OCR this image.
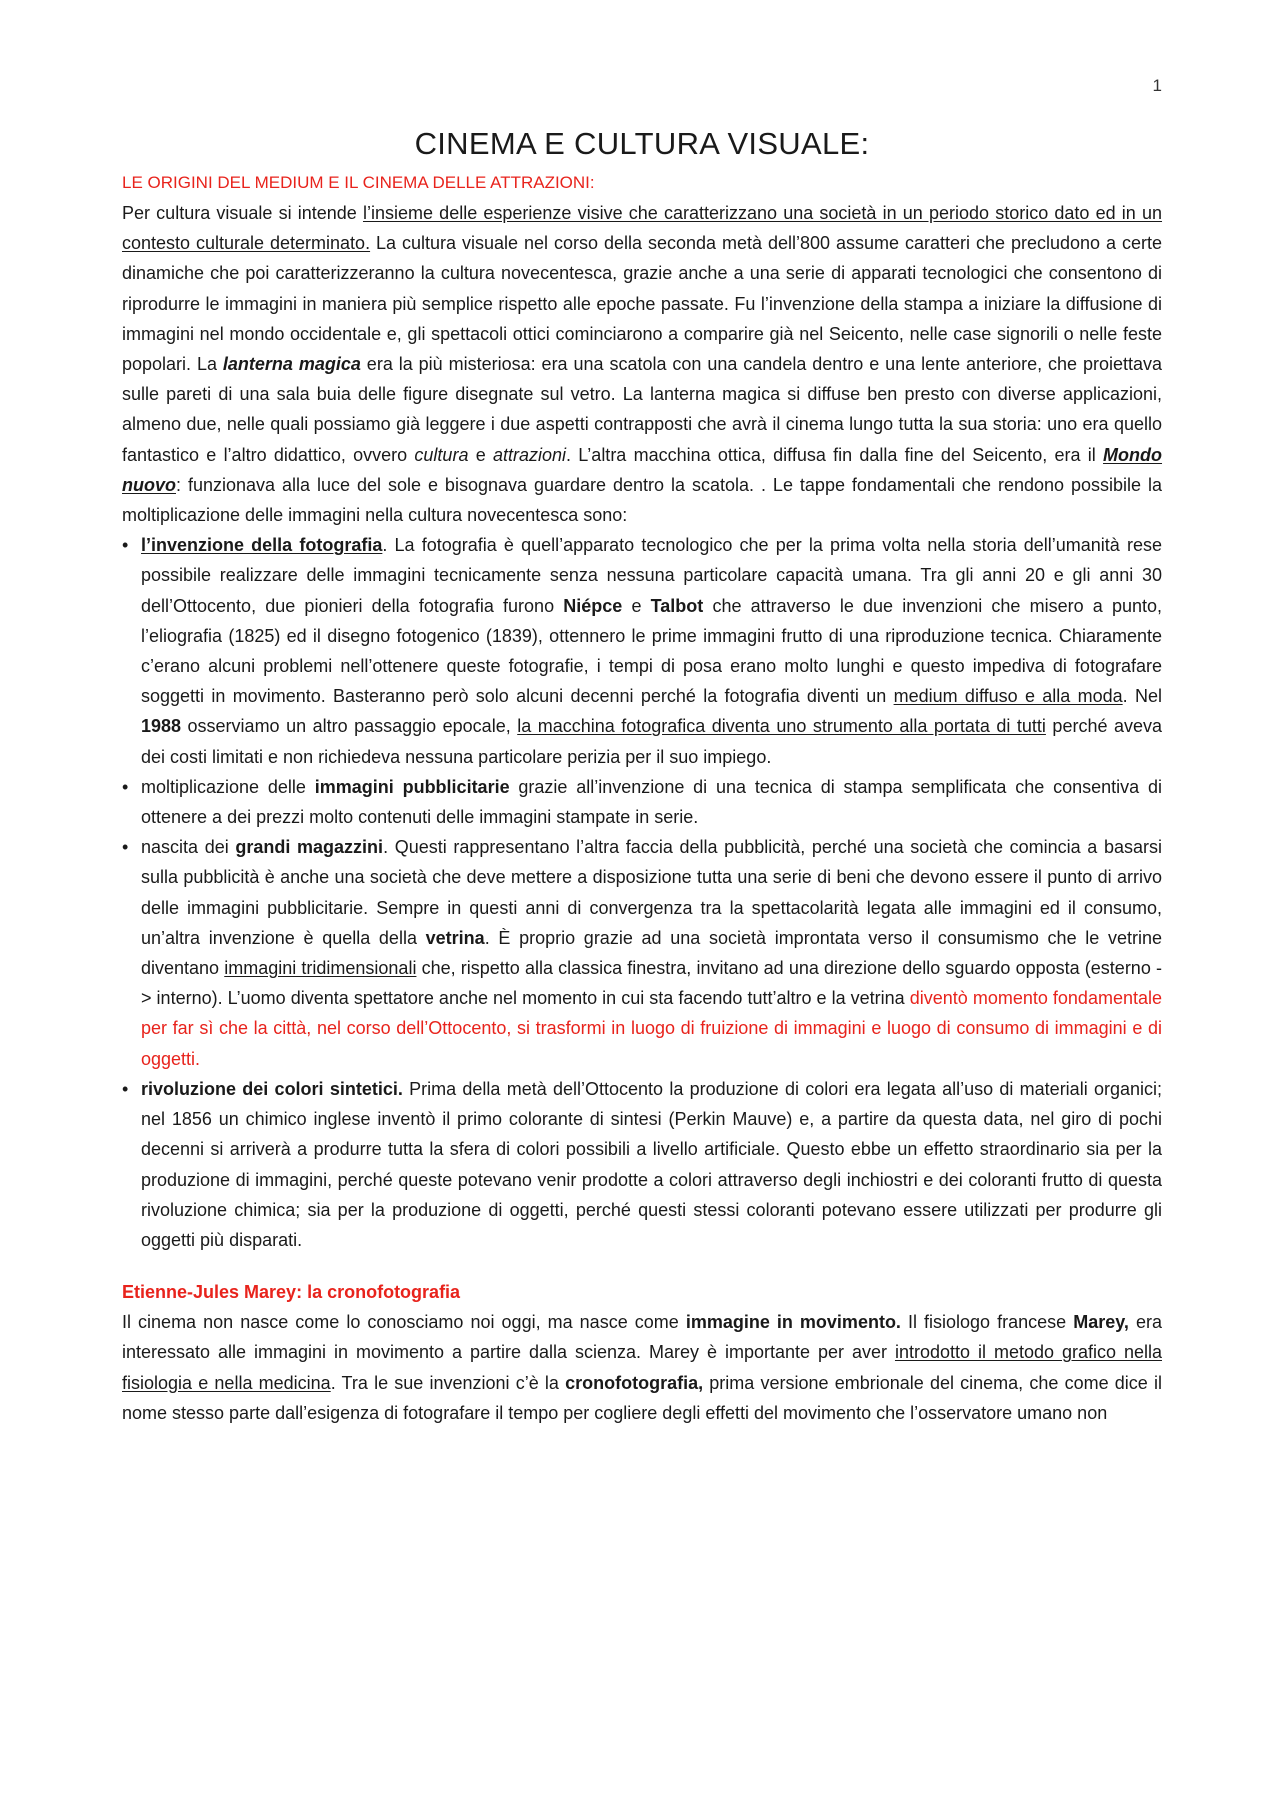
1
CINEMA E CULTURA VISUALE:

LE ORIGINI DEL MEDIUM E IL CINEMA DELLE ATTRAZIONI:

Per cultura visuale si intende l’insieme delle esperienze visive che caratterizzano una società in un periodo storico dato ed in un contesto culturale determinato. La cultura visuale nel corso della seconda metà dell’800 assume caratteri che precludono a certe dinamiche che poi caratterizzeranno la cultura novecentesca, grazie anche a una serie di apparati tecnologici che consentono di riprodurre le immagini in maniera più semplice rispetto alle epoche passate. Fu l’invenzione della stampa a iniziare la diffusione di immagini nel mondo occidentale e, gli spettacoli ottici cominciarono a comparire già nel Seicento, nelle case signorili o nelle feste popolari. La lanterna magica era la più misteriosa: era una scatola con una candela dentro e una lente anteriore, che proiettava sulle pareti di una sala buia delle figure disegnate sul vetro. La lanterna magica si diffuse ben presto con diverse applicazioni, almeno due, nelle quali possiamo già leggere i due aspetti contrapposti che avrà il cinema lungo tutta la sua storia: uno era quello fantastico e l’altro didattico, ovvero cultura e attrazioni. L’altra macchina ottica, diffusa fin dalla fine del Seicento, era il Mondo nuovo: funzionava alla luce del sole e bisognava guardare dentro la scatola. . Le tappe fondamentali che rendono possibile la moltiplicazione delle immagini nella cultura novecentesca sono:

• l’invenzione della fotografia. La fotografia è quell’apparato tecnologico che per la prima volta nella storia dell’umanità rese possibile realizzare delle immagini tecnicamente senza nessuna particolare capacità umana. Tra gli anni 20 e gli anni 30 dell’Ottocento, due pionieri della fotografia furono Niépce e Talbot che attraverso le due invenzioni che misero a punto, l’eliografia (1825) ed il disegno fotogenico (1839), ottennero le prime immagini frutto di una riproduzione tecnica. Chiaramente c’erano alcuni problemi nell’ottenere queste fotografie, i tempi di posa erano molto lunghi e questo impediva di fotografare soggetti in movimento. Basteranno però solo alcuni decenni perché la fotografia diventi un medium diffuso e alla moda. Nel 1988 osserviamo un altro passaggio epocale, la macchina fotografica diventa uno strumento alla portata di tutti perché aveva dei costi limitati e non richiedeva nessuna particolare perizia per il suo impiego.
• moltiplicazione delle immagini pubblicitarie grazie all’invenzione di una tecnica di stampa semplificata che consentiva di ottenere a dei prezzi molto contenuti delle immagini stampate in serie.
• nascita dei grandi magazzini. Questi rappresentano l’altra faccia della pubblicità, perché una società che comincia a basarsi sulla pubblicità è anche una società che deve mettere a disposizione tutta una serie di beni che devono essere il punto di arrivo delle immagini pubblicitarie. Sempre in questi anni di convergenza tra la spettacolarità legata alle immagini ed il consumo, un’altra invenzione è quella della vetrina. È proprio grazie ad una società improntata verso il consumismo che le vetrine diventano immagini tridimensionali che, rispetto alla classica finestra, invitano ad una direzione dello sguardo opposta (esterno -> interno). L’uomo diventa spettatore anche nel momento in cui sta facendo tutt’altro e la vetrina diventò momento fondamentale per far sì che la città, nel corso dell’Ottocento, si trasformi in luogo di fruizione di immagini e luogo di consumo di immagini e di oggetti.
• rivoluzione dei colori sintetici. Prima della metà dell’Ottocento la produzione di colori era legata all’uso di materiali organici; nel 1856 un chimico inglese inventò il primo colorante di sintesi (Perkin Mauve) e, a partire da questa data, nel giro di pochi decenni si arriverà a produrre tutta la sfera di colori possibili a livello artificiale. Questo ebbe un effetto straordinario sia per la produzione di immagini, perché queste potevano venir prodotte a colori attraverso degli inchiostri e dei coloranti frutto di questa rivoluzione chimica; sia per la produzione di oggetti, perché questi stessi coloranti potevano essere utilizzati per produrre gli oggetti più disparati.
Etienne-Jules Marey: la cronofotografia

Il cinema non nasce come lo conosciamo noi oggi, ma nasce come immagine in movimento. Il fisiologo francese Marey, era interessato alle immagini in movimento a partire dalla scienza. Marey è importante per aver introdotto il metodo grafico nella fisiologia e nella medicina. Tra le sue invenzioni c’è la cronofotografia, prima versione embrionale del cinema, che come dice il nome stesso parte dall’esigenza di fotografare il tempo per cogliere degli effetti del movimento che l’osservatore umano non
